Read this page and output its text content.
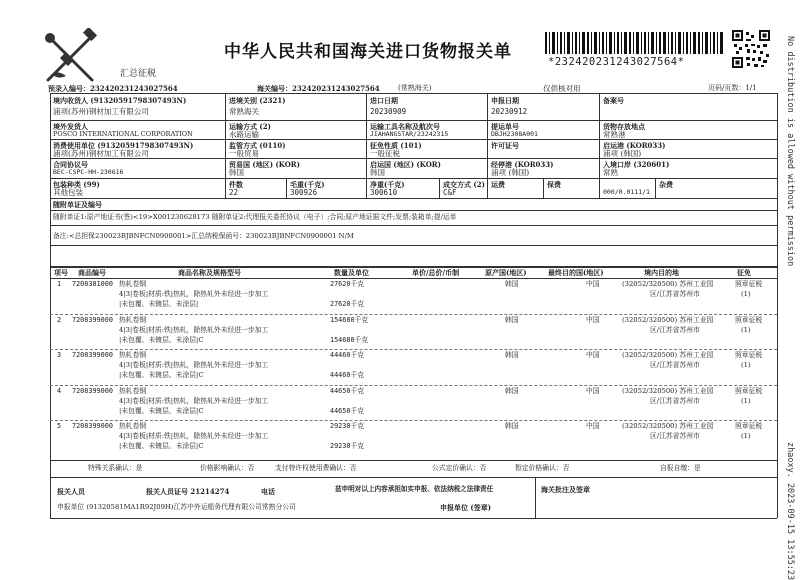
汇总征税
中华人民共和国海关进口货物报关单	*232420231243027564*
预录入编号：232420231243027564	海关编号：232420231243027564	(常熟海关)	仅供核对用	页码/页数：1/1
境内收货人 (91320591798307493N)
浦项(苏州)钢材加工有限公司
进境关别 (2321)
常熟海关
进口日期
20230909
申报日期
20230912
备案号
境外发货人
POSCO INTERNATIONAL CORPORATION
运输方式 (2)
水路运输
运输工具名称及航次号
JIAHANGSTAR/23242315
提运单号
DBJH2308A001
货物存放地点
常熟港
消费使用单位 (91320591798307493N)
浦项(苏州)钢材加工有限公司
监管方式 (0110)
一般贸易
征免性质 (101)
一般征税
许可证号	启运港 (KOR033)
浦项 (韩国)
合同协议号
BEC-CSPC-HH-230616
贸易国 (地区) (KOR)
韩国
启运国 (地区) (KOR)
韩国
经停港 (KOR033)
浦项 (韩国)
入境口岸 (320601)
常熟
包装种类 (99)
其他包装
件数
22
毛重(千克)
300926
净重(千克)
300610
成交方式 (2)
C&F
运费	保费	杂费
000/0.0111/1
随附单证及编号
随附单证1:原产地证书(签)<19>X001230628173 随附单证2:代理报关委托协议（电子）;合同;原产地证据文件;发票;装箱单;提/运单
备注:<总担保230023BJBNFCN0900001>汇总纳税保函号：230023BJBNFCN0900001 N/M
项号 商品编号	商品名称及规格型号	数量及单位	单价/总价/币制	原产国(地区)	最终目的国(地区)	境内目的地	征免
1 7208381000 热轧卷钢
4|3|卷板|材质:铁|热轧，除热轧外未经进一步加工
|未包覆、未镀层、未涂层|
27620千克
27620千克
韩国	中国	(32052/320500) 苏州工业园
区/江苏省苏州市
照章征税
(1)
2 7208399000 热轧卷钢
4|3|卷板|材质:铁|热轧，除热轧外未经进一步加工
|未包覆、未镀层、未涂层|C
154680千克
154680千克
韩国	中国	(32052/320500) 苏州工业园
区/江苏省苏州市
照章征税
(1)
3 7208399000 热轧卷钢
4|3|卷板|材质:铁|热轧，除热轧外未经进一步加工
|未包覆、未镀层、未涂层|C
44460千克
44460千克
韩国	中国	(32052/320500) 苏州工业园
区/江苏省苏州市
照章征税
(1)
4 7208399000 热轧卷钢
4|3|卷板|材质:铁|热轧，除热轧外未经进一步加工
|未包覆、未镀层、未涂层|C
44650千克
44650千克
韩国	中国	(32052/320500) 苏州工业园
区/江苏省苏州市
照章征税
(1)
5 7208399000 热轧卷钢
4|3|卷板|材质:铁|热轧，除热轧外未经进一步加工
|未包覆、未镀层、未涂层|C
29230千克
29230千克
韩国	中国	(32052/320500) 苏州工业园
区/江苏省苏州市
照章征税
(1)
特殊关系确认：是	价格影响确认：否	支付特许权使用费确认：否	公式定价确认：否	暂定价格确认：否	自报自缴：是
报关人员	报关人员证号 21214274	电话	兹申明对以上内容承担如实申报、依法纳税之法律责任	海关批注及签章
申报单位 (91320581MA1R92J09H)江苏中外运船务代理有限公司常熟分公司	申报单位 (签章)
No distribution is allowed without permission
zhaoxy. 2023-09-15 13:55:23
